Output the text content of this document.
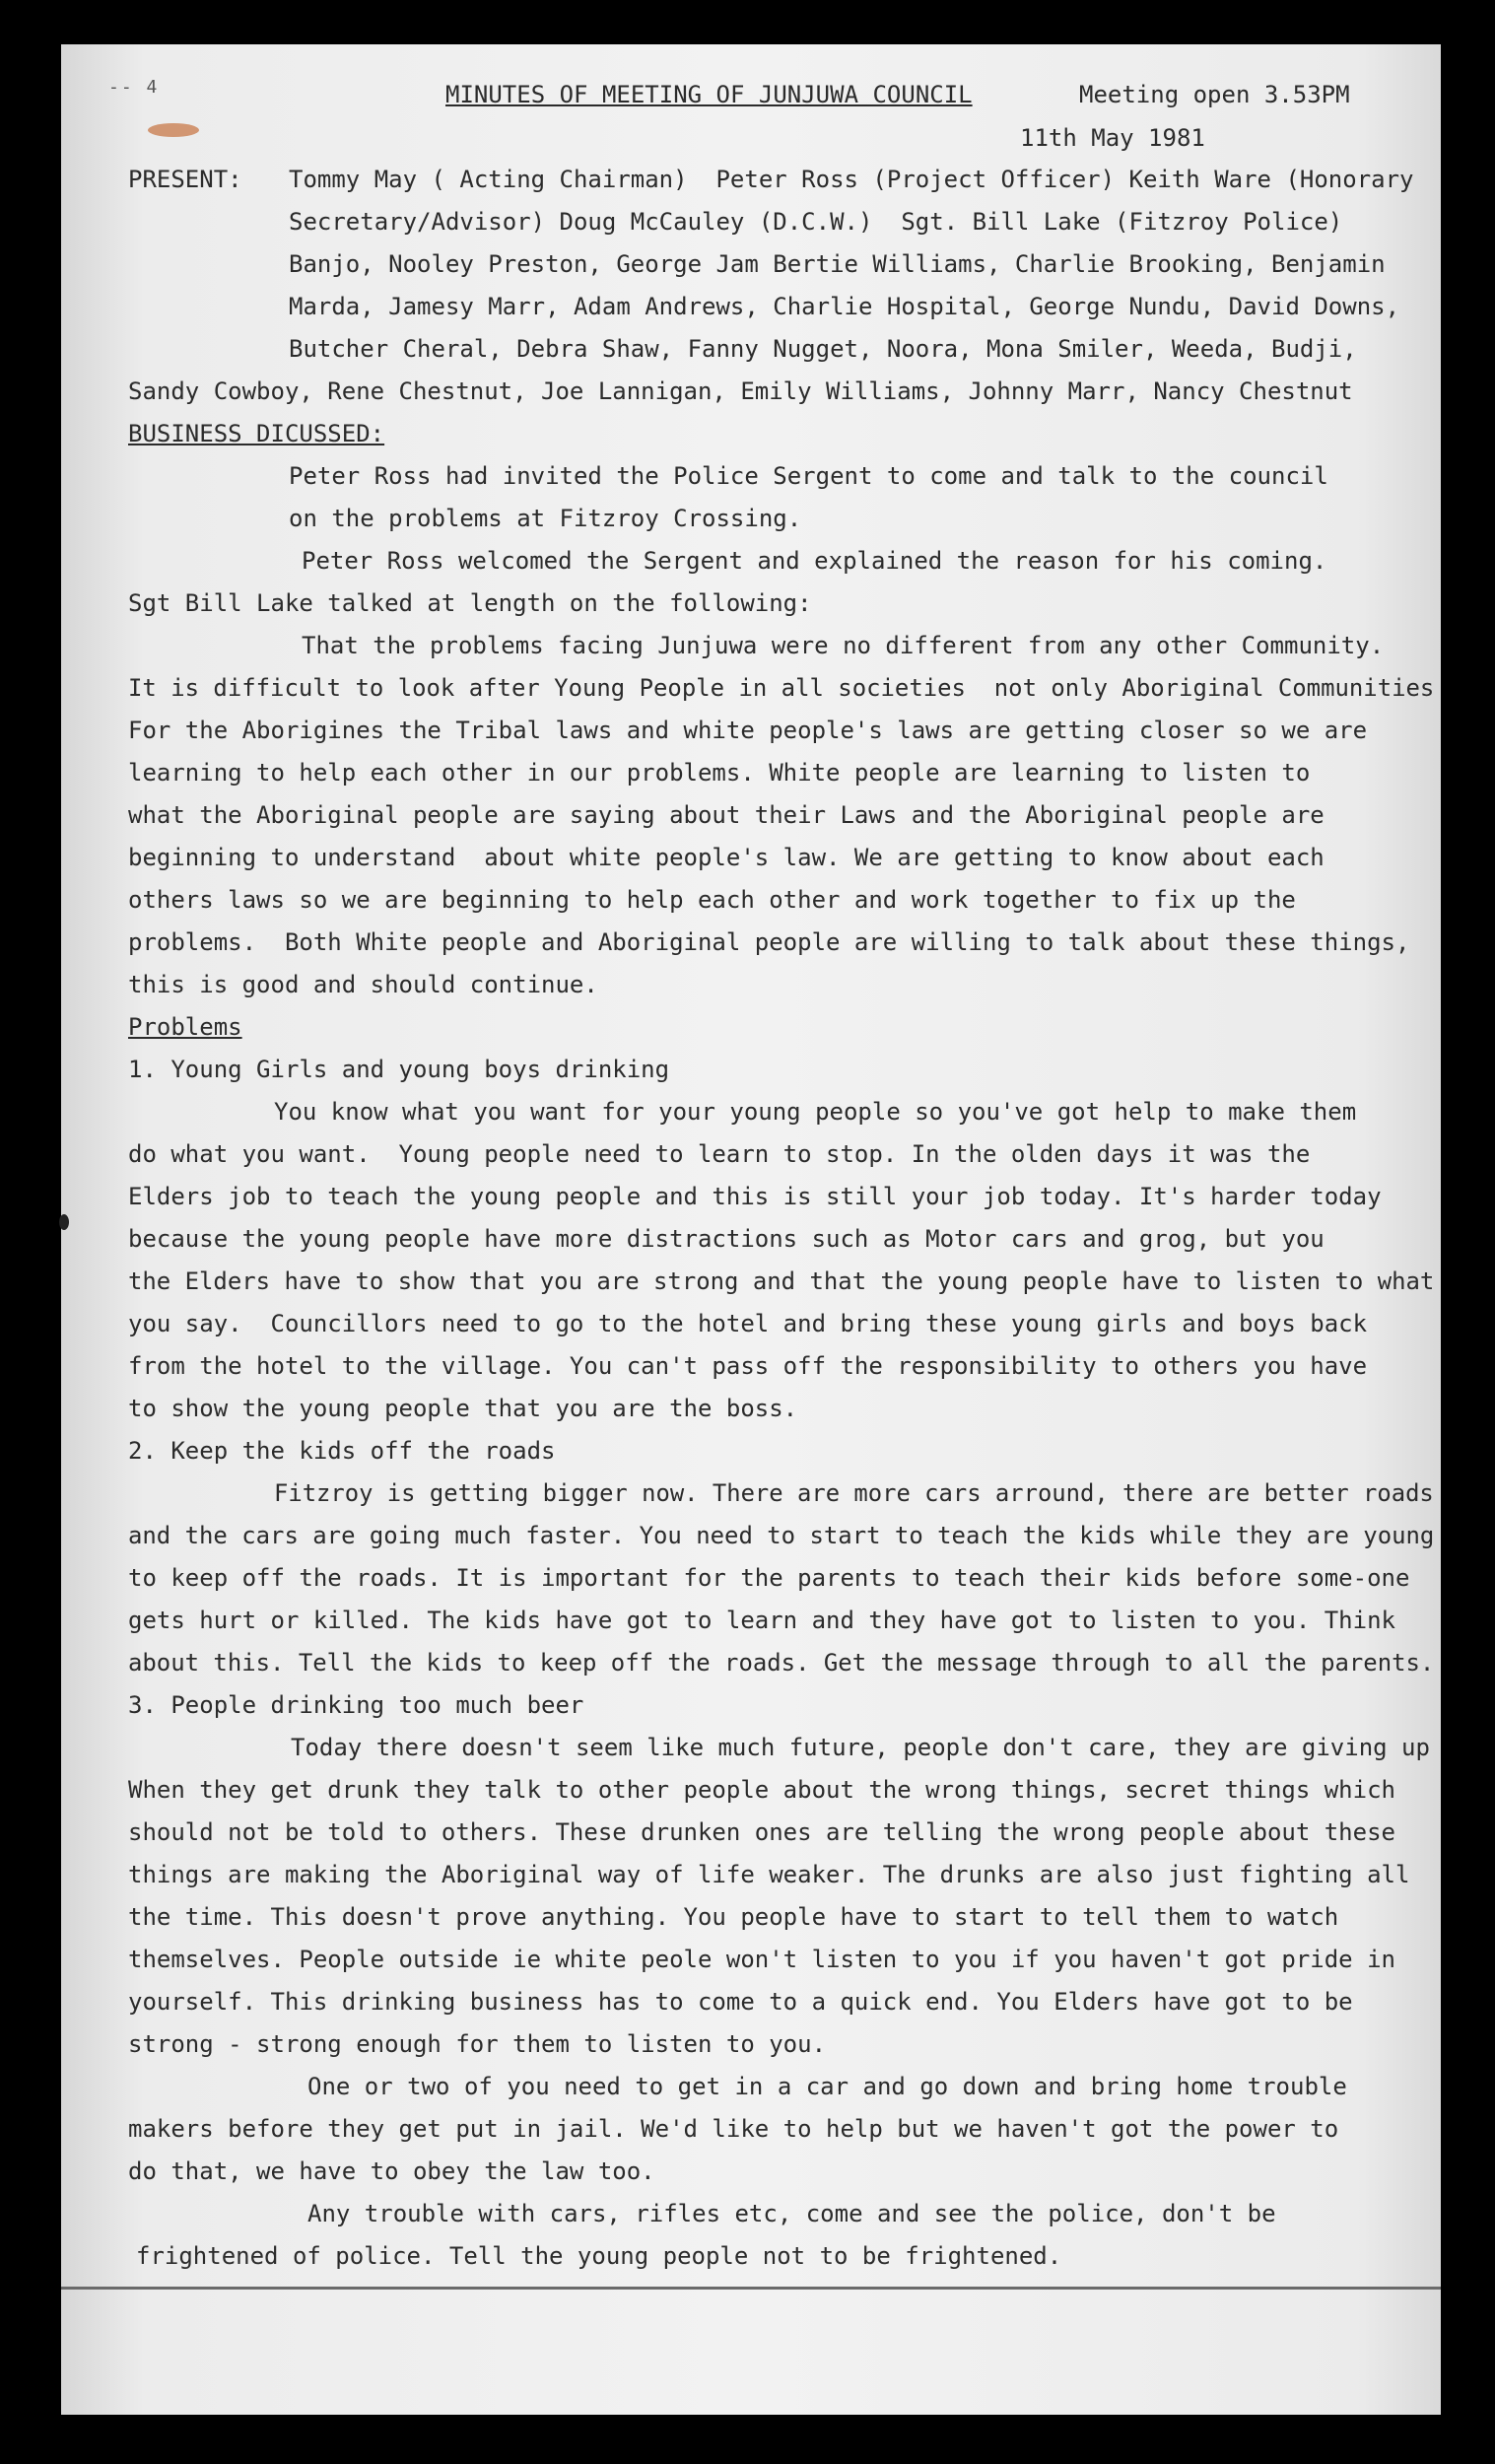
-- 4	MINUTES OF MEETING OF JUNJUWA COUNCIL	Meeting open 3.53PM
11th May 1981
PRESENT: Tommy May ( Acting Chairman)  Peter Ross (Project Officer) Keith Ware (Honorary
Secretary/Advisor) Doug McCauley (D.C.W.)  Sgt. Bill Lake (Fitzroy Police)
Banjo, Nooley Preston, George Jam Bertie Williams, Charlie Brooking, Benjamin
Marda, Jamesy Marr, Adam Andrews, Charlie Hospital, George Nundu, David Downs,
Butcher Cheral, Debra Shaw, Fanny Nugget, Noora, Mona Smiler, Weeda, Budji,
Sandy Cowboy, Rene Chestnut, Joe Lannigan, Emily Williams, Johnny Marr, Nancy Chestnut
BUSINESS DICUSSED:
Peter Ross had invited the Police Sergent to come and talk to the council
on the problems at Fitzroy Crossing.
Peter Ross welcomed the Sergent and explained the reason for his coming.
Sgt Bill Lake talked at length on the following:
That the problems facing Junjuwa were no different from any other Community.
It is difficult to look after Young People in all societies  not only Aboriginal Communities
For the Aborigines the Tribal laws and white people's laws are getting closer so we are
learning to help each other in our problems. White people are learning to listen to
what the Aboriginal people are saying about their Laws and the Aboriginal people are
beginning to understand  about white people's law. We are getting to know about each
others laws so we are beginning to help each other and work together to fix up the
problems.  Both White people and Aboriginal people are willing to talk about these things,
this is good and should continue.
Problems
1. Young Girls and young boys drinking
You know what you want for your young people so you've got help to make them
do what you want.  Young people need to learn to stop. In the olden days it was the
Elders job to teach the young people and this is still your job today. It's harder today
because the young people have more distractions such as Motor cars and grog, but you
the Elders have to show that you are strong and that the young people have to listen to what
you say.  Councillors need to go to the hotel and bring these young girls and boys back
from the hotel to the village. You can't pass off the responsibility to others you have
to show the young people that you are the boss.
2. Keep the kids off the roads
Fitzroy is getting bigger now. There are more cars arround, there are better roads
and the cars are going much faster. You need to start to teach the kids while they are young
to keep off the roads. It is important for the parents to teach their kids before some-one
gets hurt or killed. The kids have got to learn and they have got to listen to you. Think
about this. Tell the kids to keep off the roads. Get the message through to all the parents.
3. People drinking too much beer
Today there doesn't seem like much future, people don't care, they are giving up
When they get drunk they talk to other people about the wrong things, secret things which
should not be told to others. These drunken ones are telling the wrong people about these
things are making the Aboriginal way of life weaker. The drunks are also just fighting all
the time. This doesn't prove anything. You people have to start to tell them to watch
themselves. People outside ie white peole won't listen to you if you haven't got pride in
yourself. This drinking business has to come to a quick end. You Elders have got to be
strong - strong enough for them to listen to you.
One or two of you need to get in a car and go down and bring home trouble
makers before they get put in jail. We'd like to help but we haven't got the power to
do that, we have to obey the law too.
Any trouble with cars, rifles etc, come and see the police, don't be
frightened of police. Tell the young people not to be frightened.
